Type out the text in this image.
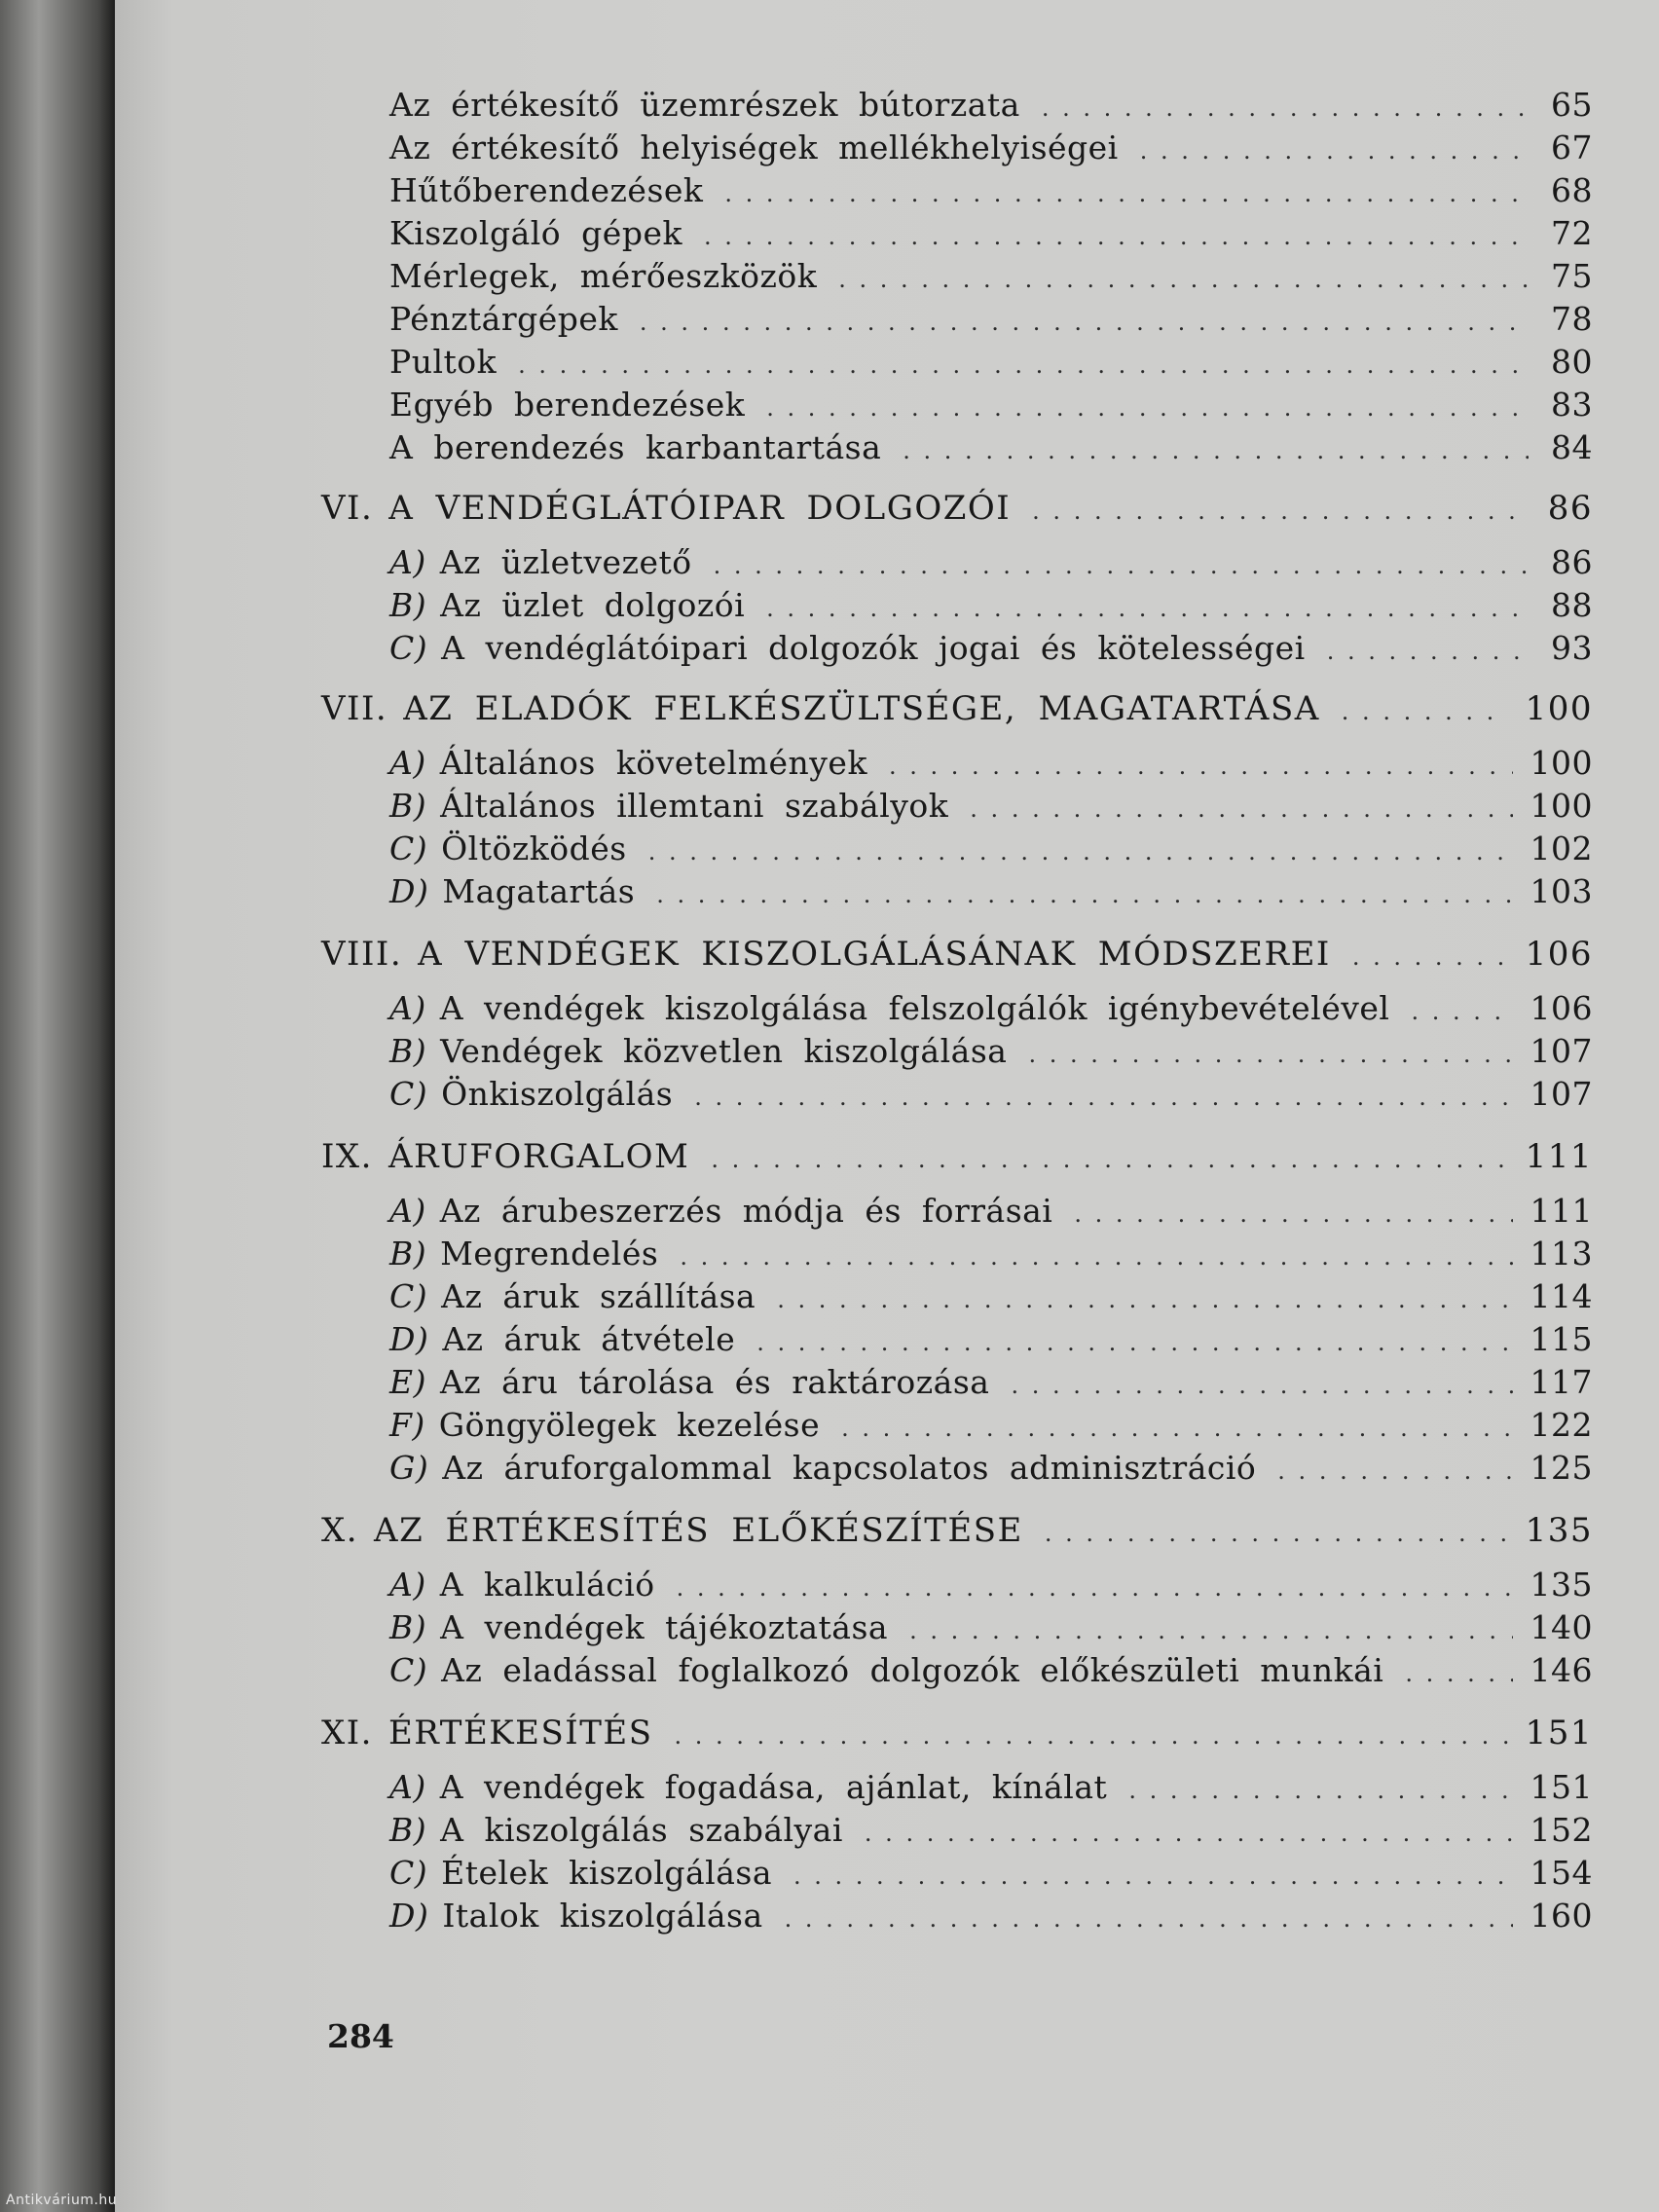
Az értékesítő üzemrészek bútorzata . . .	65
Az értékesítő helyiségek mellékhelyiségei . . .	67
Hűtőberendezések . . .	68
Kiszolgáló gépek . . .	72
Mérlegek, mérőeszközök . . .	75
Pénztárgépek . . .	78
Pultok . . .	80
Egyéb berendezések . . .	83
A berendezés karbantartása . . .	84
VI. A VENDÉGLÁTÓIPAR DOLGOZÓI . . .	86
A) Az üzletvezető . . .	86
B) Az üzlet dolgozói . . .	88
C) A vendéglátóipari dolgozók jogai és kötelességei . . .	93
VII. AZ ELADÓK FELKÉSZÜLTSÉGE, MAGATARTÁSA . . .	100
A) Általános követelmények . . .	100
B) Általános illemtani szabályok . . .	100
C) Öltözködés . . .	102
D) Magatartás . . .	103
VIII. A VENDÉGEK KISZOLGÁLÁSÁNAK MÓDSZEREI . . .	106
A) A vendégek kiszolgálása felszolgálók igénybevételével . . .	106
B) Vendégek közvetlen kiszolgálása . . .	107
C) Önkiszolgálás . . .	107
IX. ÁRUFORGALOM . . .	111
A) Az árubeszerzés módja és forrásai . . .	111
B) Megrendelés . . .	113
C) Az áruk szállítása . . .	114
D) Az áruk átvétele . . .	115
E) Az áru tárolása és raktározása . . .	117
F) Göngyölegek kezelése . . .	122
G) Az áruforgalommal kapcsolatos adminisztráció . . .	125
X. AZ ÉRTÉKESÍTÉS ELŐKÉSZÍTÉSE . . .	135
A) A kalkuláció . . .	135
B) A vendégek tájékoztatása . . .	140
C) Az eladással foglalkozó dolgozók előkészületi munkái . . .	146
XI. ÉRTÉKESÍTÉS . . .	151
A) A vendégek fogadása, ajánlat, kínálat . . .	151
B) A kiszolgálás szabályai . . .	152
C) Ételek kiszolgálása . . .	154
D) Italok kiszolgálása . . .	160
284
Antikvárium.hu
